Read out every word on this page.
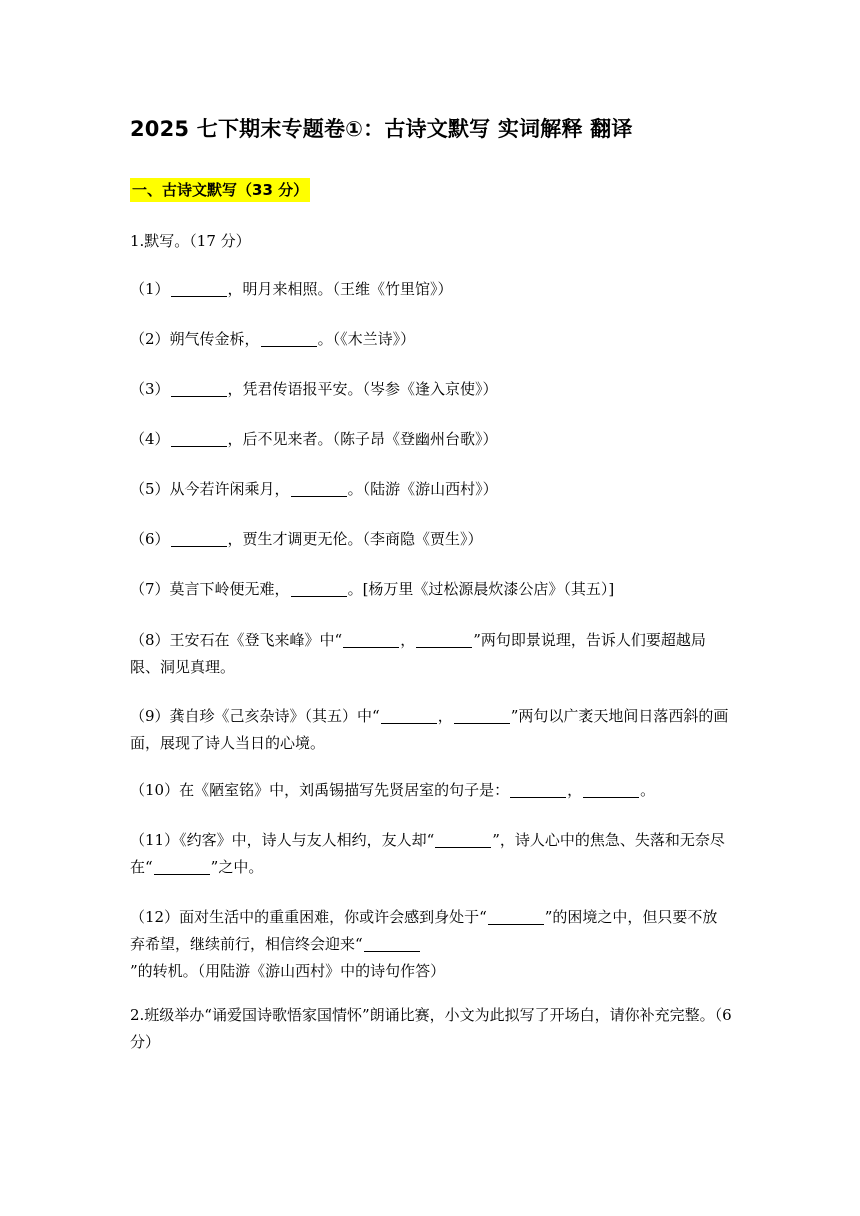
2025 七下期末专题卷①：古诗文默写 实词解释 翻译
一、古诗文默写（33 分）
1.默写。（17 分）
（1）	，明月来相照。（王维《竹里馆》）
（2）朔气传金柝，	。（《木兰诗》）
（3）	，凭君传语报平安。（岑参《逢入京使》）
（4）	，后不见来者。（陈子昂《登幽州台歌》）
（5）从今若许闲乘月，	。（陆游《游山西村》）
（6）	，贾生才调更无伦。（李商隐《贾生》）
（7）莫言下岭便无难，	。[杨万里《过松源晨炊漆公店》（其五）]
（8）王安石在《登飞来峰》中“	，	”两句即景说理，告诉人们要超越局限、洞见真理。
（9）龚自珍《己亥杂诗》（其五）中“	，	”两句以广袤天地间日落西斜的画面，展现了诗人当日的心境。
（10）在《陋室铭》中，刘禹锡描写先贤居室的句子是：	，	。
（11）《约客》中，诗人与友人相约，友人却“	”，诗人心中的焦急、失落和无奈尽在“	”之中。
（12）面对生活中的重重困难，你或许会感到身处于“	”的困境之中，但只要不放弃希望，继续前行，相信终会迎来“”的转机。（用陆游《游山西村》中的诗句作答）
2.班级举办“诵爱国诗歌悟家国情怀”朗诵比赛，小文为此拟写了开场白，请你补充完整。（6 分）
